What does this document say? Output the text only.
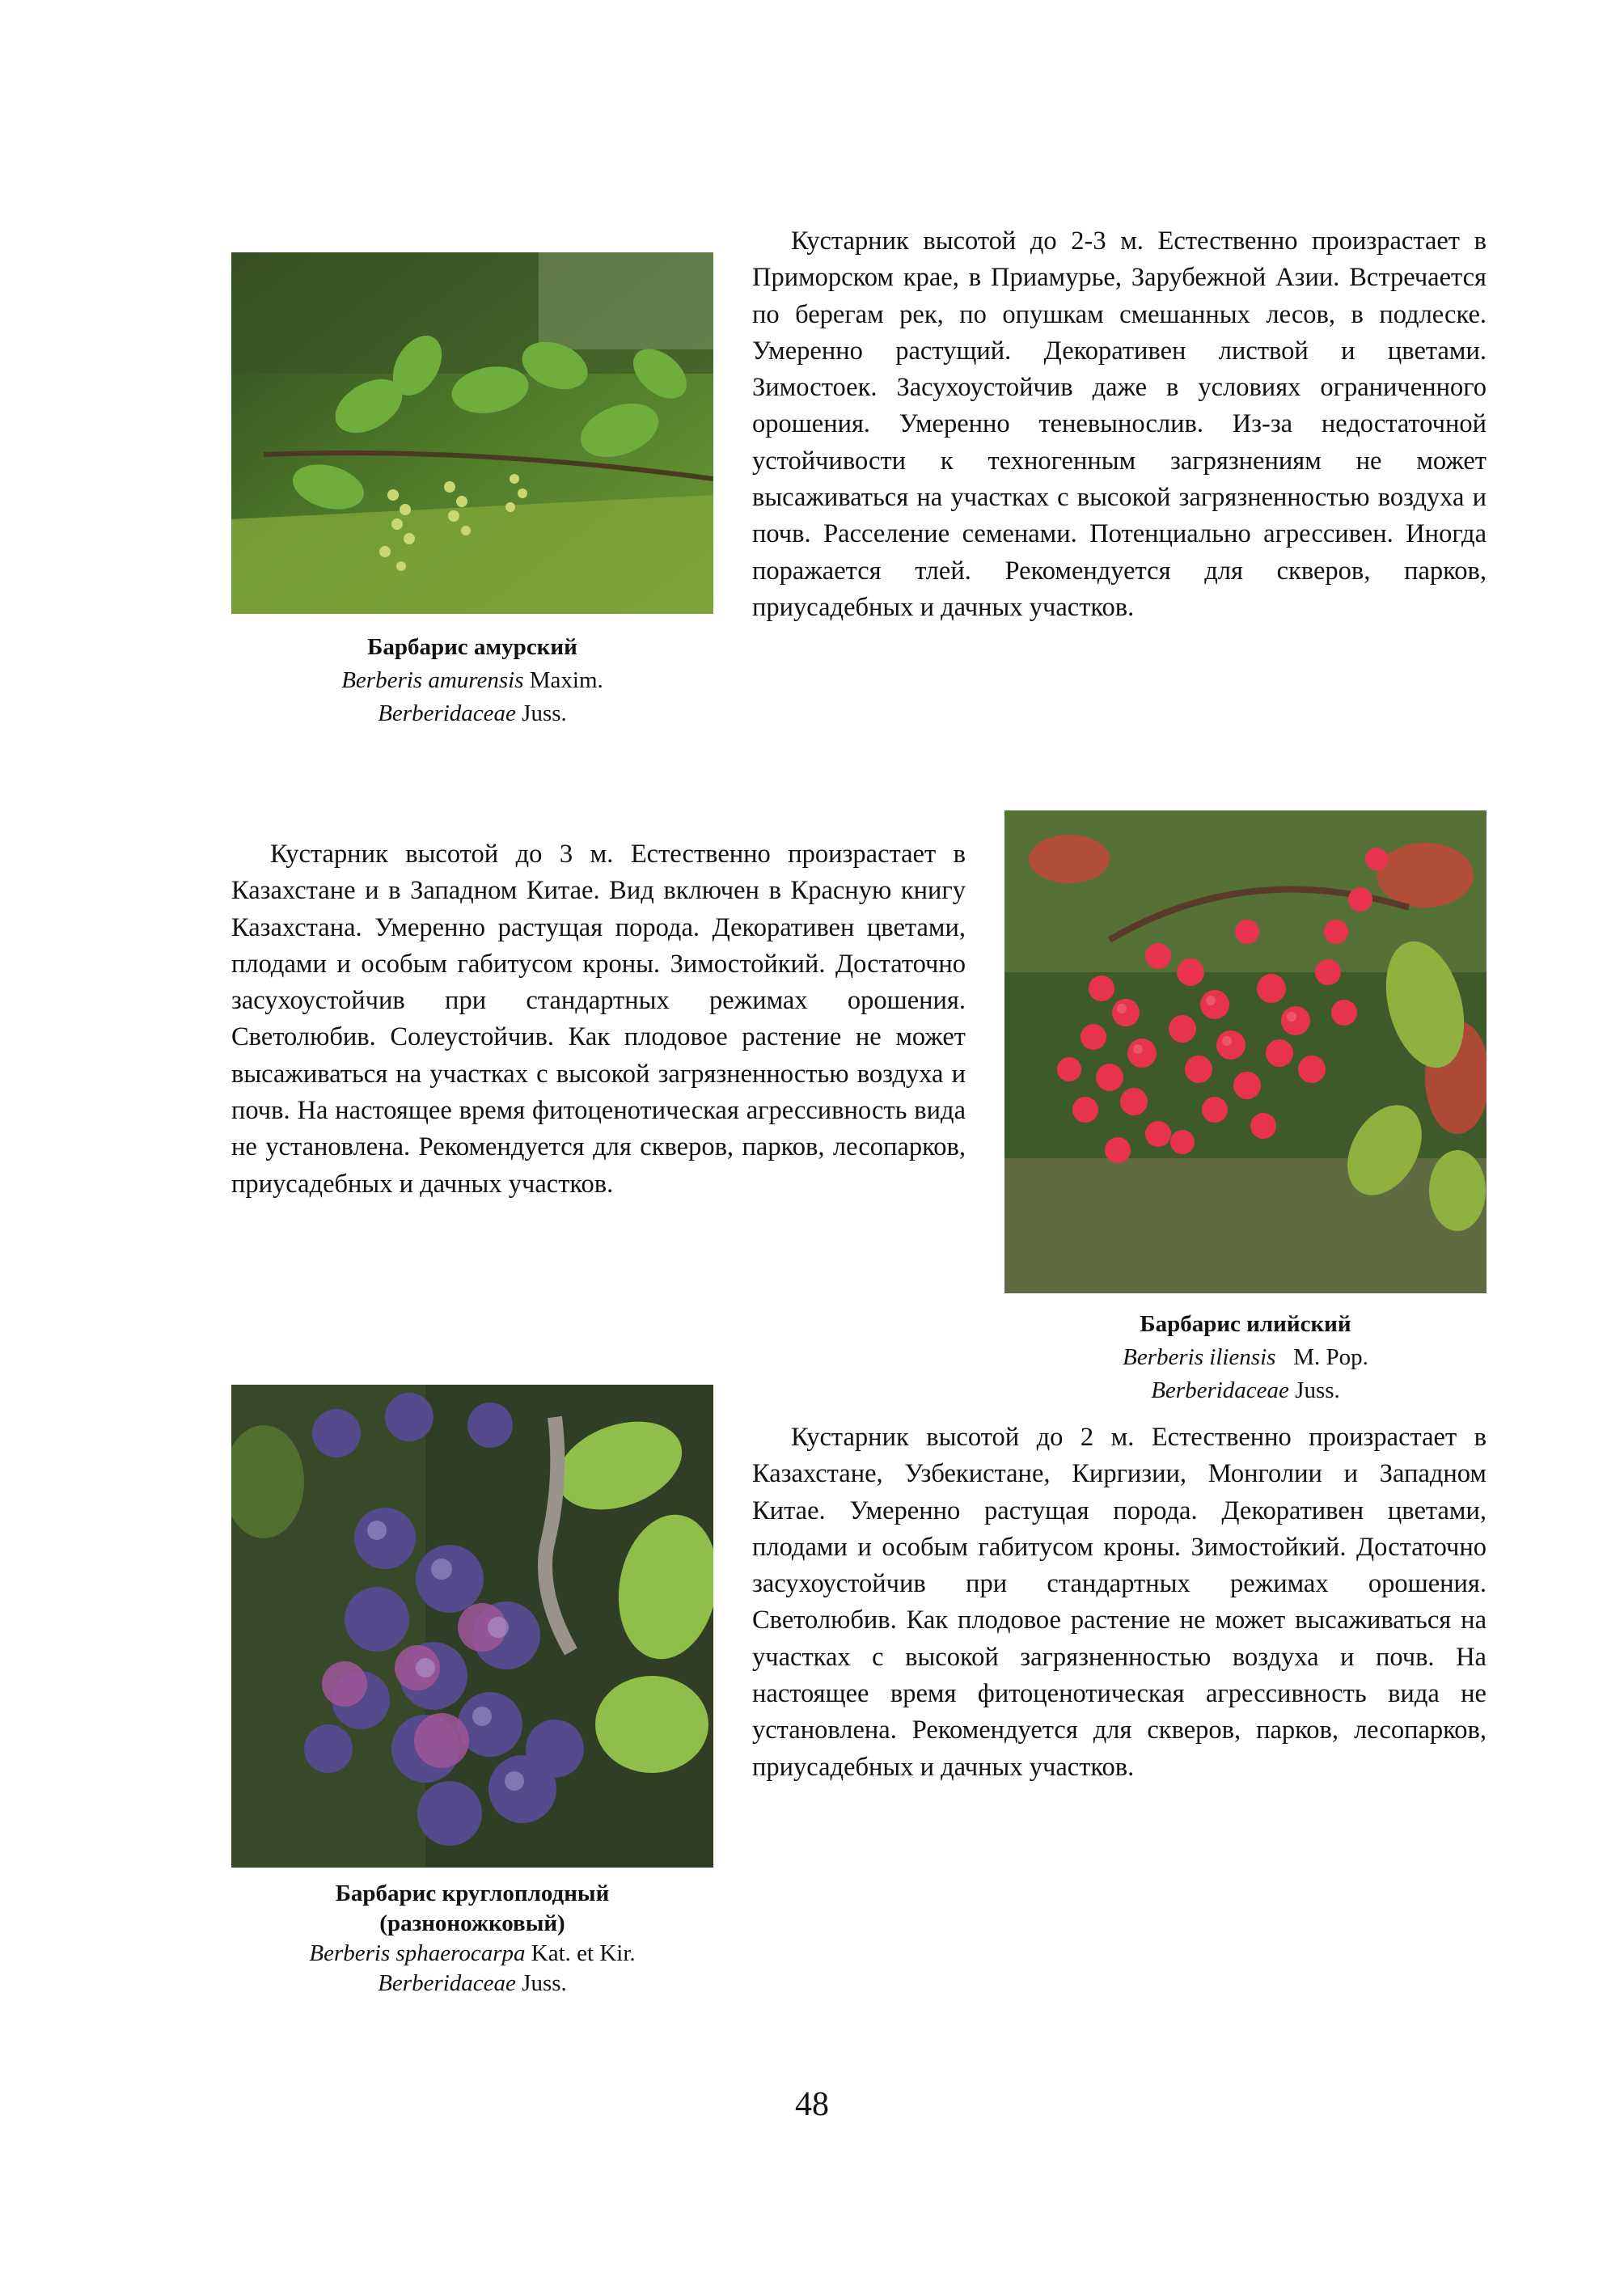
Барбарис амурский
Berberis amurensis Maxim.
Berberidaceae Juss.

Кустарник высотой до 2-3 м. Естественно произрастает в Приморском крае, в Приамурье, Зарубежной Азии. Встречается по берегам рек, по опушкам смешанных лесов, в подлеске. Умеренно растущий. Декоративен листвой и цветами. Зимостоек. Засухоустойчив даже в условиях ограниченного орошения. Умеренно теневынослив. Из-за недостаточной устойчивости к техногенным загрязнениям не может высаживаться на участках с высокой загрязненностью воздуха и почв. Расселение семенами. Потенциально агрессивен. Иногда поражается тлей. Рекомендуется для скверов, парков, приусадебных и дачных участков.

Кустарник высотой до 3 м. Естественно произрастает в Казахстане и в Западном Китае. Вид включен в Красную книгу Казахстана. Умеренно растущая порода. Декоративен цветами, плодами и особым габитусом кроны. Зимостойкий. Достаточно засухоустойчив при стандартных режимах орошения. Светолюбив. Солеустойчив. Как плодовое растение не может высаживаться на участках с высокой загрязненностью воздуха и почв. На настоящее время фитоценотическая агрессивность вида не установлена. Рекомендуется для скверов, парков, лесопарков, приусадебных и дачных участков.

Барбарис илийский
Berberis iliensis M. Pop.
Berberidaceae Juss.
Барбарис круглоплодный
(разноножковый)
Berberis sphaerocarpa Kat. et Kir.
Berberidaceae Juss.

Кустарник высотой до 2 м. Естественно произрастает в Казахстане, Узбекистане, Киргизии, Монголии и Западном Китае. Умеренно растущая порода. Декоративен цветами, плодами и особым габитусом кроны. Зимостойкий. Достаточно засухоустойчив при стандартных режимах орошения. Светолюбив. Как плодовое растение не может высаживаться на участках с высокой загрязненностью воздуха и почв. На настоящее время фитоценотическая агрессивность вида не установлена. Рекомендуется для скверов, парков, лесопарков, приусадебных и дачных участков.

48
